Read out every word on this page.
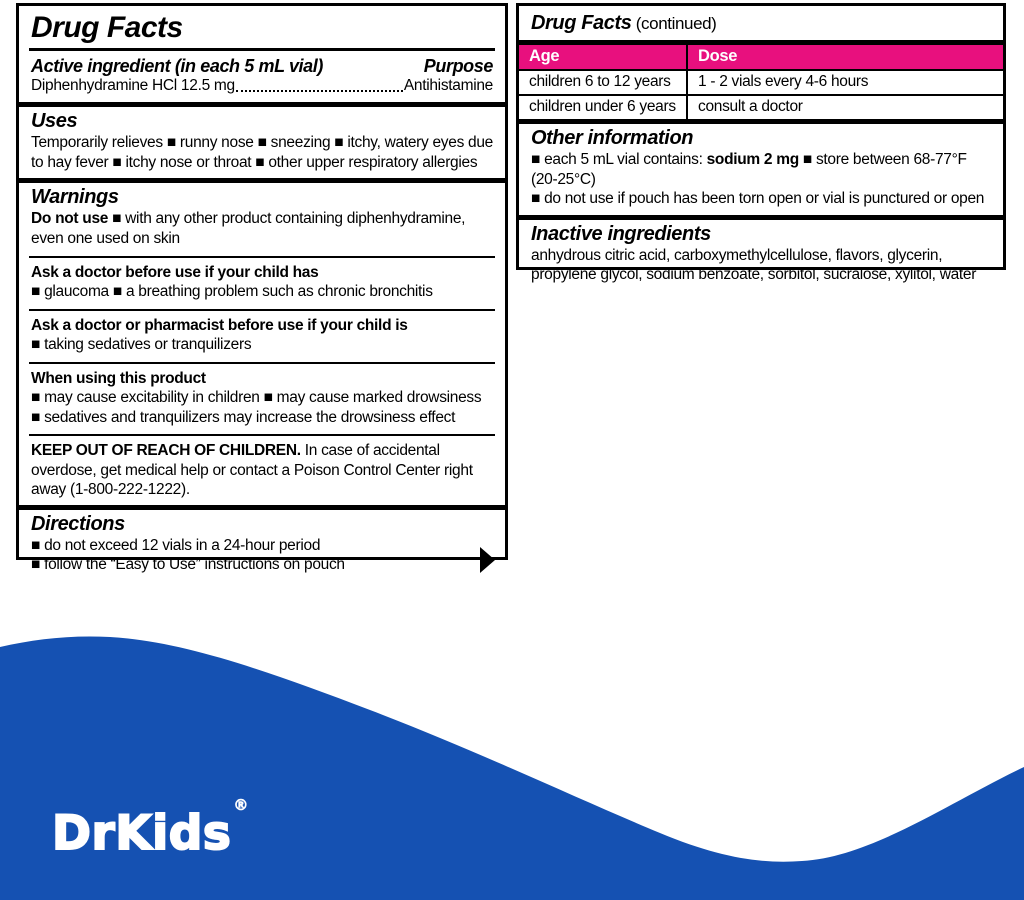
Drug Facts
Active ingredient (in each 5 mL vial)	Purpose
Diphenhydramine HCl 12.5 mg	Antihistamine
Uses
Temporarily relieves ■ runny nose ■ sneezing ■ itchy, watery eyes due to hay fever ■ itchy nose or throat ■ other upper respiratory allergies
Warnings
Do not use ■ with any other product containing diphenhydramine, even one used on skin
Ask a doctor before use if your child has
■ glaucoma ■ a breathing problem such as chronic bronchitis
Ask a doctor or pharmacist before use if your child is
■ taking sedatives or tranquilizers
When using this product
■ may cause excitability in children ■ may cause marked drowsiness
■ sedatives and tranquilizers may increase the drowsiness effect
KEEP OUT OF REACH OF CHILDREN. In case of accidental overdose, get medical help or contact a Poison Control Center right away (1-800-222-1222).
Directions
■ do not exceed 12 vials in a 24-hour period
■ follow the “Easy to Use” instructions on pouch
Drug Facts (continued)
Age	Dose
children 6 to 12 years	1 - 2 vials every 4-6 hours
children under 6 years	consult a doctor
Other information
■ each 5 mL vial contains: sodium 2 mg ■ store between 68-77°F (20-25°C)
■ do not use if pouch has been torn open or vial is punctured or open
Inactive ingredients
anhydrous citric acid, carboxymethylcellulose, flavors, glycerin, propylene glycol, sodium benzoate, sorbitol, sucralose, xylitol, water
DrKids®
